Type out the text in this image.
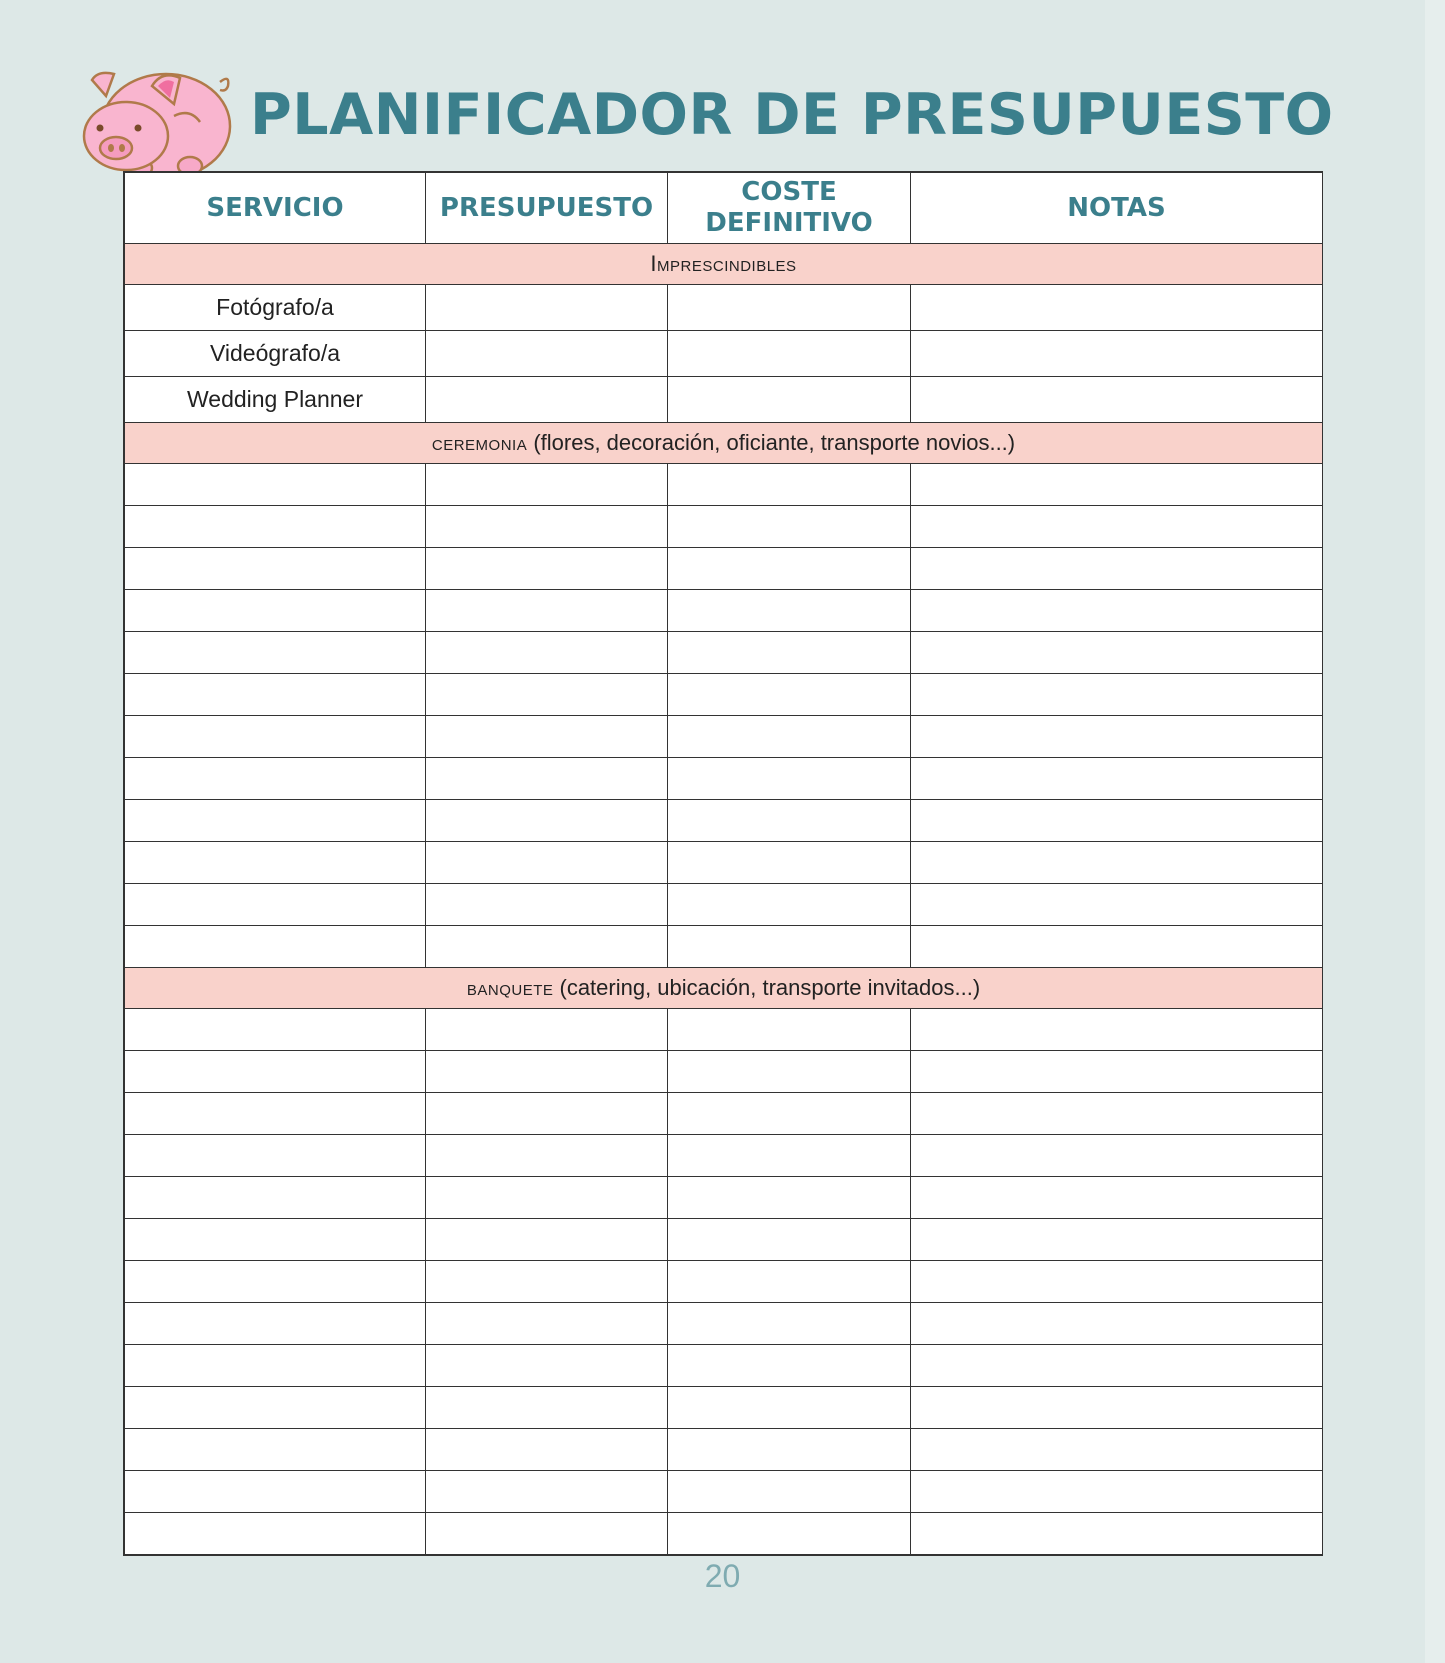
PLANIFICADOR DE PRESUPUESTO
SERVICIO	PRESUPUESTO	COSTE DEFINITIVO	NOTAS
Imprescindibles			
Fotógrafo/a			
Videógrafo/a			
Wedding Planner			
ceremonia (flores, decoración, oficiante, transporte novios...)			

banquete (catering, ubicación, transporte invitados...)			

20
